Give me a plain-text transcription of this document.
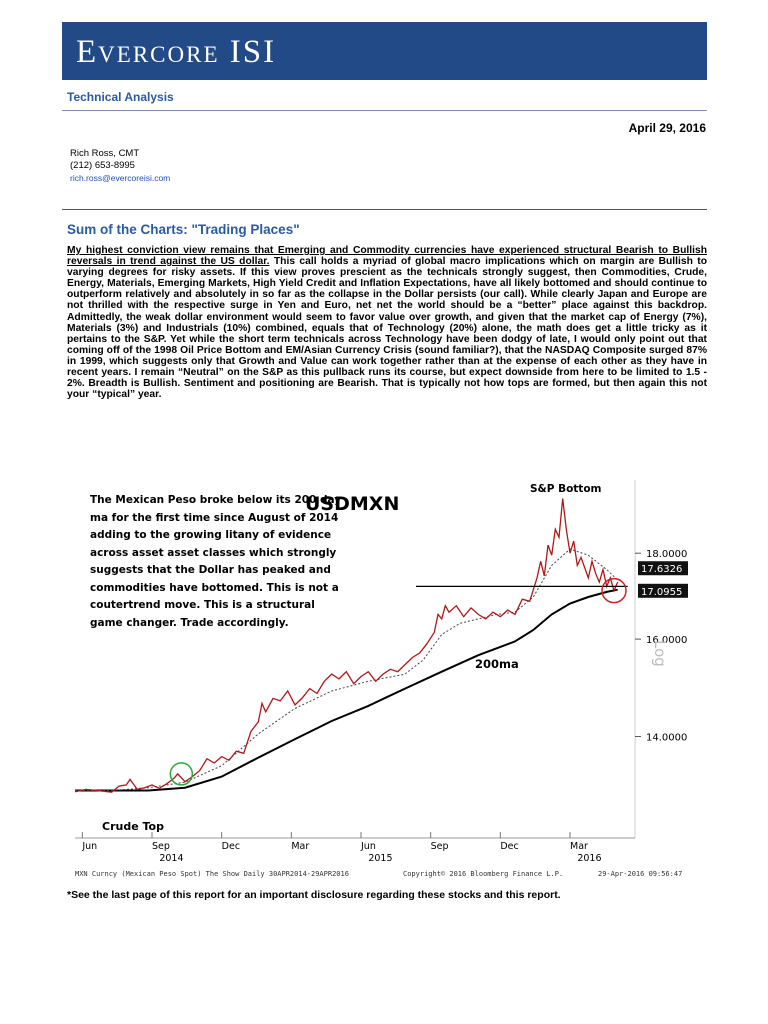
Evercore ISI
Technical Analysis
April 29, 2016
Rich Ross, CMT
(212) 653-8995
rich.ross@evercoreisi.com
Sum of the Charts: "Trading Places"
My highest conviction view remains that Emerging and Commodity currencies have experienced structural Bearish to Bullish reversals in trend against the US dollar. This call holds a myriad of global macro implications which on margin are Bullish to varying degrees for risky assets. If this view proves prescient as the technicals strongly suggest, then Commodities, Crude, Energy, Materials, Emerging Markets, High Yield Credit and Inflation Expectations, have all likely bottomed and should continue to outperform relatively and absolutely in so far as the collapse in the Dollar persists (our call). While clearly Japan and Europe are not thrilled with the respective surge in Yen and Euro, net net the world should be a “better” place against this backdrop. Admittedly, the weak dollar environment would seem to favor value over growth, and given that the market cap of Energy (7%), Materials (3%) and Industrials (10%) combined, equals that of Technology (20%) alone, the math does get a little tricky as it pertains to the S&P. Yet while the short term technicals across Technology have been dodgy of late, I would only point out that coming off of the 1998 Oil Price Bottom and EM/Asian Currency Crisis (sound familiar?), that the NASDAQ Composite surged 87% in 1999, which suggests only that Growth and Value can work together rather than at the expense of each other as they have in recent years. I remain “Neutral” on the S&P as this pullback runs its course, but expect downside from here to be limited to 1.5 - 2%. Breadth is Bullish. Sentiment and positioning are Bearish. That is typically not how tops are formed, but then again this not your “typical” year.
18.0000
16.0000
14.0000
Jun	Sep	Dec	Mar	Jun	Sep	Dec	Mar
2014	2015	2016
17.6326
17.0955
USDMXN
S&P Bottom
200ma
Crude Top
Log
The Mexican Peso broke below its 200 day ma for the first time since August of 2014 adding to the growing litany of evidence across asset asset classes which strongly suggests that the Dollar has peaked and commodities have bottomed. This is not a coutertrend move. This is a structural game changer. Trade accordingly.
MXN Curncy (Mexican Peso Spot) The Show Daily 30APR2014-29APR2016	Copyright© 2016 Bloomberg Finance L.P.	29-Apr-2016 09:56:47
*See the last page of this report for an important disclosure regarding these stocks and this report.
